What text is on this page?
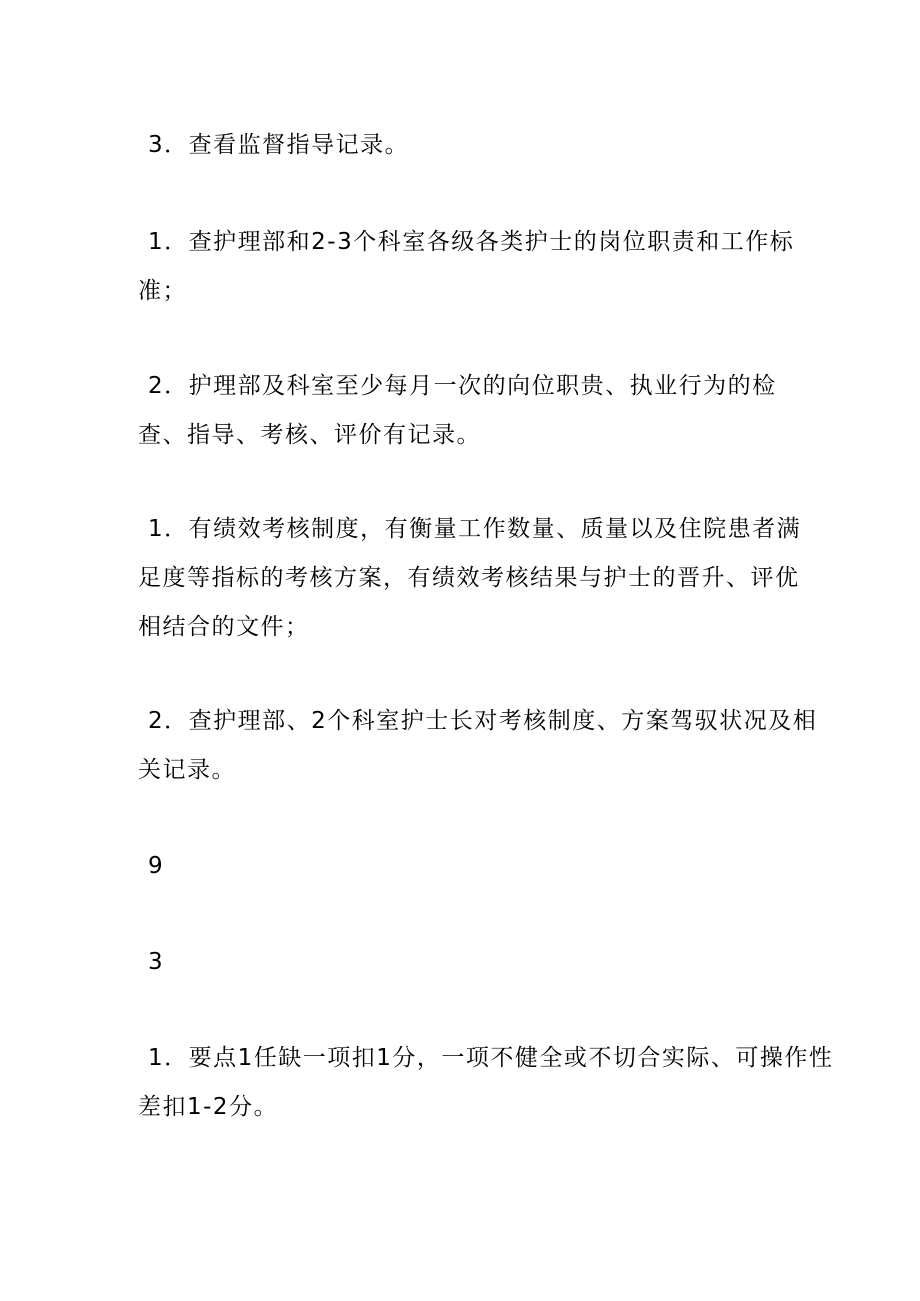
3．查看监督指导记录。

1．查护理部和2-3个科室各级各类护士的岗位职责和工作标
准；

2．护理部及科室至少每月一次的向位职贵、执业行为的检
查、指导、考核、评价有记录。

1．有绩效考核制度，有衡量工作数量、质量以及住院患者满
足度等指标的考核方案，有绩效考核结果与护士的晋升、评优
相结合的文件；

2．查护理部、2个科室护士长对考核制度、方案驾驭状况及相
关记录。

9

3

1．要点1任缺一项扣1分，一项不健全或不切合实际、可操作性
差扣1-2分。
